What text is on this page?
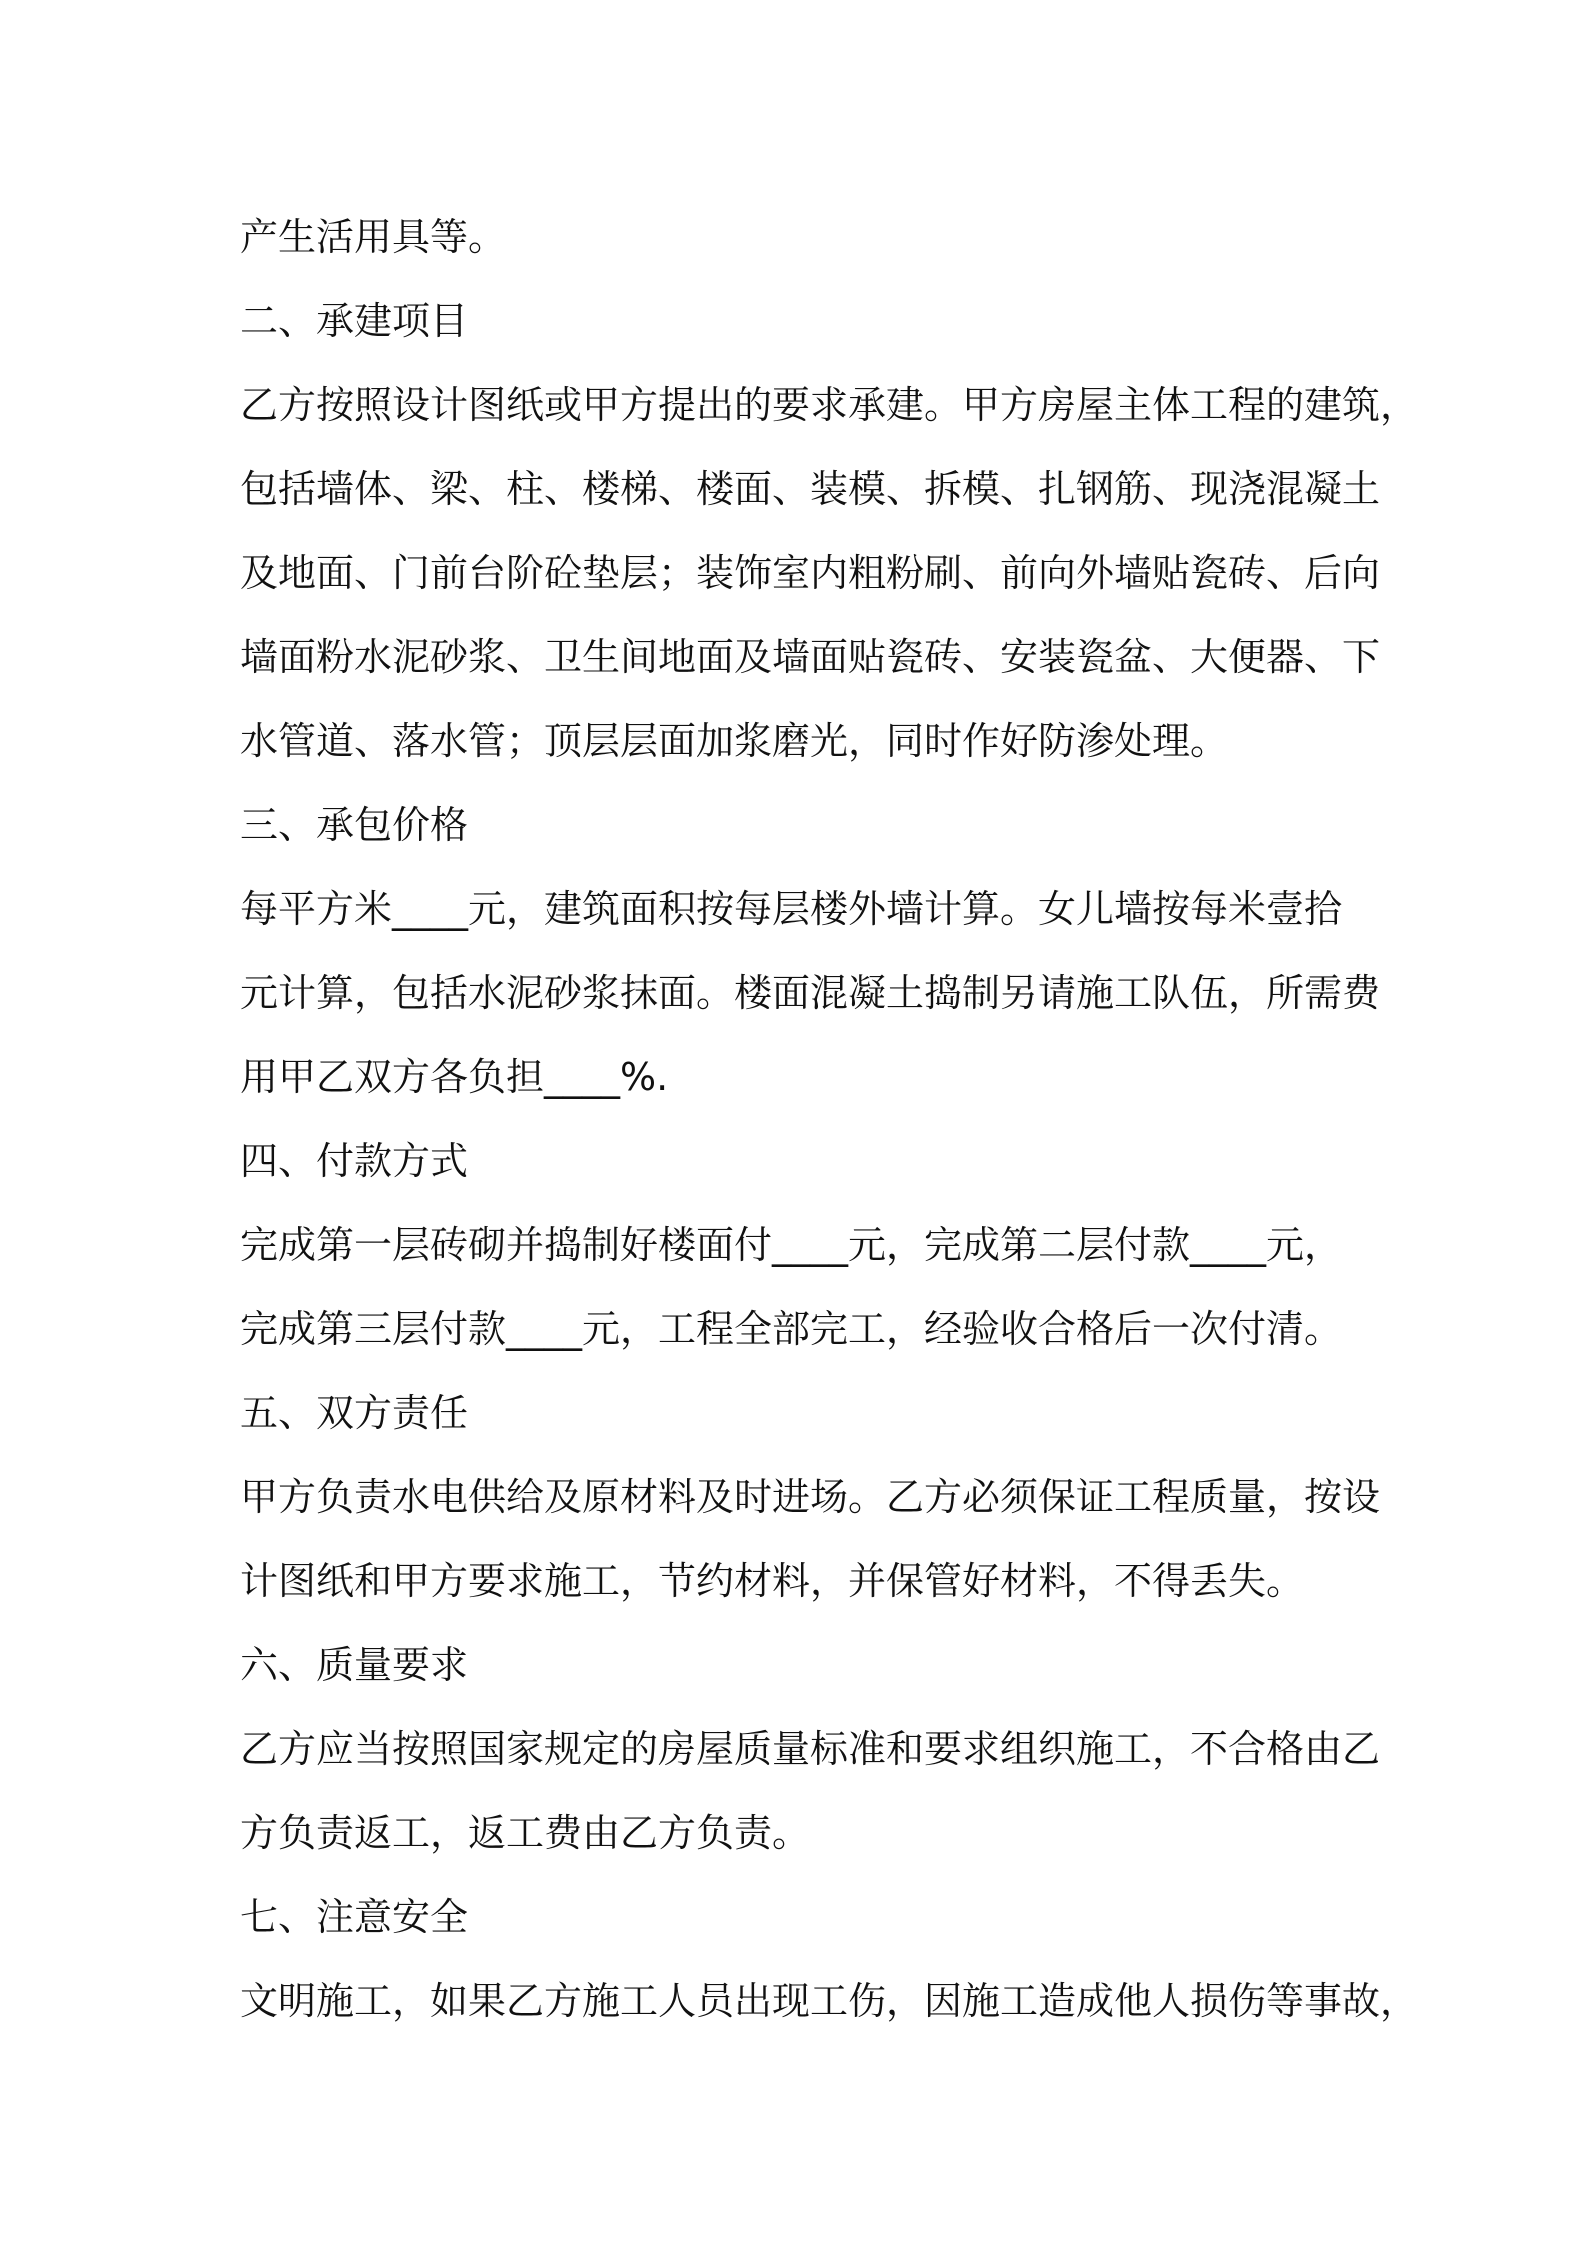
产生活用具等。
二、承建项目
乙方按照设计图纸或甲方提出的要求承建。甲方房屋主体工程的建筑，
包括墙体、梁、柱、楼梯、楼面、装模、拆模、扎钢筋、现浇混凝土
及地面、门前台阶砼垫层；装饰室内粗粉刷、前向外墙贴瓷砖、后向
墙面粉水泥砂浆、卫生间地面及墙面贴瓷砖、安装瓷盆、大便器、下
水管道、落水管；顶层层面加浆磨光，同时作好防渗处理。
三、承包价格
每平方米____元，建筑面积按每层楼外墙计算。女儿墙按每米壹拾
元计算，包括水泥砂浆抹面。楼面混凝土捣制另请施工队伍，所需费
用甲乙双方各负担____%.
四、付款方式
完成第一层砖砌并捣制好楼面付____元，完成第二层付款____元，
完成第三层付款____元，工程全部完工，经验收合格后一次付清。
五、双方责任
甲方负责水电供给及原材料及时进场。乙方必须保证工程质量，按设
计图纸和甲方要求施工，节约材料，并保管好材料，不得丢失。
六、质量要求
乙方应当按照国家规定的房屋质量标准和要求组织施工，不合格由乙
方负责返工，返工费由乙方负责。
七、注意安全
文明施工，如果乙方施工人员出现工伤，因施工造成他人损伤等事故，
